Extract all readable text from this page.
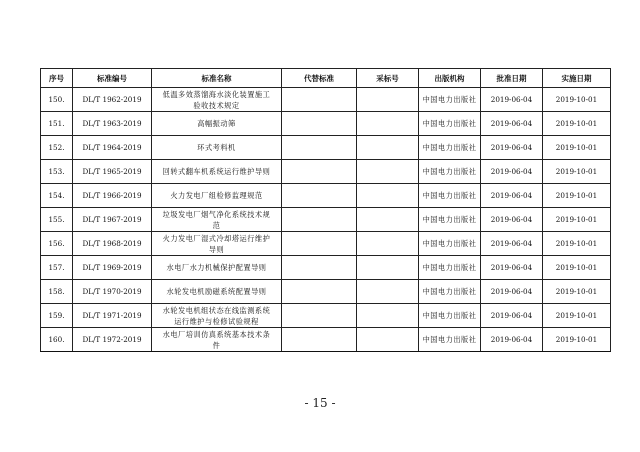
序号	标准编号	标准名称	代替标准	采标号	出版机构	批准日期	实施日期
150.	DL/T 1962-2019	低温多效蒸馏海水淡化装置施工验收技术规定			中国电力出版社	2019-06-04	2019-10-01
151.	DL/T 1963-2019	高幅振动筛			中国电力出版社	2019-06-04	2019-10-01
152.	DL/T 1964-2019	环式考料机			中国电力出版社	2019-06-04	2019-10-01
153.	DL/T 1965-2019	回转式翻车机系统运行维护导则			中国电力出版社	2019-06-04	2019-10-01
154.	DL/T 1966-2019	火力发电厂组检修监理规范			中国电力出版社	2019-06-04	2019-10-01
155.	DL/T 1967-2019	垃圾发电厂烟气净化系统技术规范			中国电力出版社	2019-06-04	2019-10-01
156.	DL/T 1968-2019	火力发电厂湿式冷却塔运行维护导则			中国电力出版社	2019-06-04	2019-10-01
157.	DL/T 1969-2019	水电厂水力机械保护配置导则			中国电力出版社	2019-06-04	2019-10-01
158.	DL/T 1970-2019	水轮发电机励磁系统配置导则			中国电力出版社	2019-06-04	2019-10-01
159.	DL/T 1971-2019	水轮发电机组状态在线监测系统运行维护与检修试验规程			中国电力出版社	2019-06-04	2019-10-01
160.	DL/T 1972-2019	水电厂培训仿真系统基本技术条件			中国电力出版社	2019-06-04	2019-10-01
- 15 -
